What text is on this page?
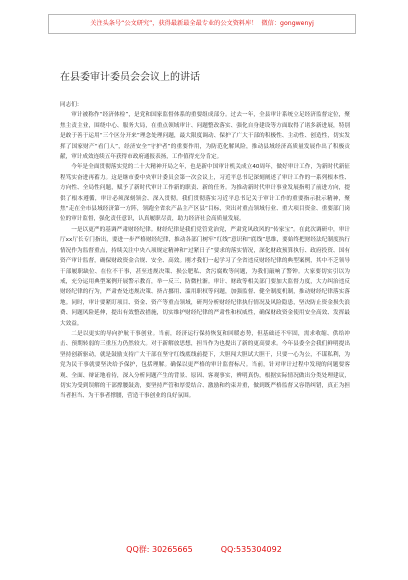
关注头条号“公文研究”，获得最新最全最专业的公文资料库！ 微信：gongwenyj
在县委审计委员会会议上的讲话

同志们：

审计被称作“经济体检”，是党和国家监督体系的重要组成部分。过去一年，全县审计系统立足经济监督定位，聚焦主责主业，围绕中心、服务大局，在重点领域审计、问题整改落实、强化自身建设等方面取得了诸多新进展，特别是敢于善于运用“三个区分开来”理念处理问题，最大限度调动、保护了广大干部的积极性、主动性、创造性，切实发挥了国家财产“看门人”，经济安全“守护者”的重要作用，为防范化解风险，推动县域经济高质量发展作出了积极贡献，审计成效连续五年获得市政府通报表扬，工作值得充分肯定。

今年是全面贯彻落实党的二十大精神开局之年，也是新中国审计机关成立40周年，做好审计工作，为新时代新征程笃实奋进再蓄力。这是继市委中央审计委员会第一次会议上，习近平总书记深刻阐述了审计工作的一系列根本性、方向性、全局性问题，赋予了新时代审计工作新的职责、新的任务。为推动新时代审计事业发展指明了前进方向，提供了根本遵循，审计必须深刻领会、深入贯彻。我们贯彻落实习近平总书记关于审计工作的重要指示批示精神，聚焦“走在全市县域经济第一方阵，领跑全省农产品主产区县”目标，突出对重点领域行业、重大项目资金、重要部门岗位的审计监督，强化责任意识，认真履职尽责，助力经济社会高质量发展。

一是以更严的基调严肃财经纪律。财经纪律是我们党管党治党，严肃党风政风的“传家宝”。在此次调研中，审计厅xx厅长专门指出，要进一步严格财经纪律，推动各部门树牢“红线”意识和“底线”思维，要始终把财经法纪制度执行情况作为监督重点，持续关注中央八项规定精神和“过紧日子”要求的落实情况，深化财政预算执行、政府投资、国有资产审计监督，确保财政资金合规、安全、高效。刚才我们一起学习了全省违反财经纪律的典型案例，其中不乏领导干部履职缺位、在位不干事，甚至违规决策、损公肥私、贪污腐败等问题，为我们敲响了警钟。大家要切实引以为戒，充分运用典型案例开展警示教育，举一反三、防微杜渐。审计、财政等相关部门要加大监督力度，大力纠治违反财经纪律的行为，严肃查处违规决策、挤占挪用、滥用职权等问题，加强监督、健全制度机制，推动财经纪律落实落地。同时，审计要紧盯项目、资金、资产等重点领域，研判分析财经纪律执行情况及风险隐患，坚决防止资金损失浪费、问题风险延伸，提出有效整改措施，切实维护财经纪律的严肃性和权威性，确保财政资金使用安全高效、发挥最大效益。

二是以更实的导向护航干事创业。当前，经济运行保持恢复和回暖态势，但基础还不牢固，需求收缩、供给冲击、预期转弱的三重压力仍然较大。对于新解放思想，担当作为也提出了新的更高要求。今年县委全会我们鲜明提出坚持创新驱动，就是鼓励支持广大干部在坚守红线底线前提下，大胆闯大胆试大胆干，只要一心为公，不谋私利，为党为民干事就要坚决给予保护，包括理解。确保以更严格的审计监督标尺。当前，针对审计过程中发现的问题要客观、全面、辩证地看待，深入分析问题产生的背景、原因、客观事实，辨明真伪，根据实际情况做出分类处理建议，切实为受到误解的干部撑腰鼓劲，要坚持严管和厚爱结合、激励和约束并重，做到既严格监督又容错纠错，真正为担当者担当、为干事者撑腰，营造干事创业的良好氛围。

QQ群: 30265665	QQ:535304092
